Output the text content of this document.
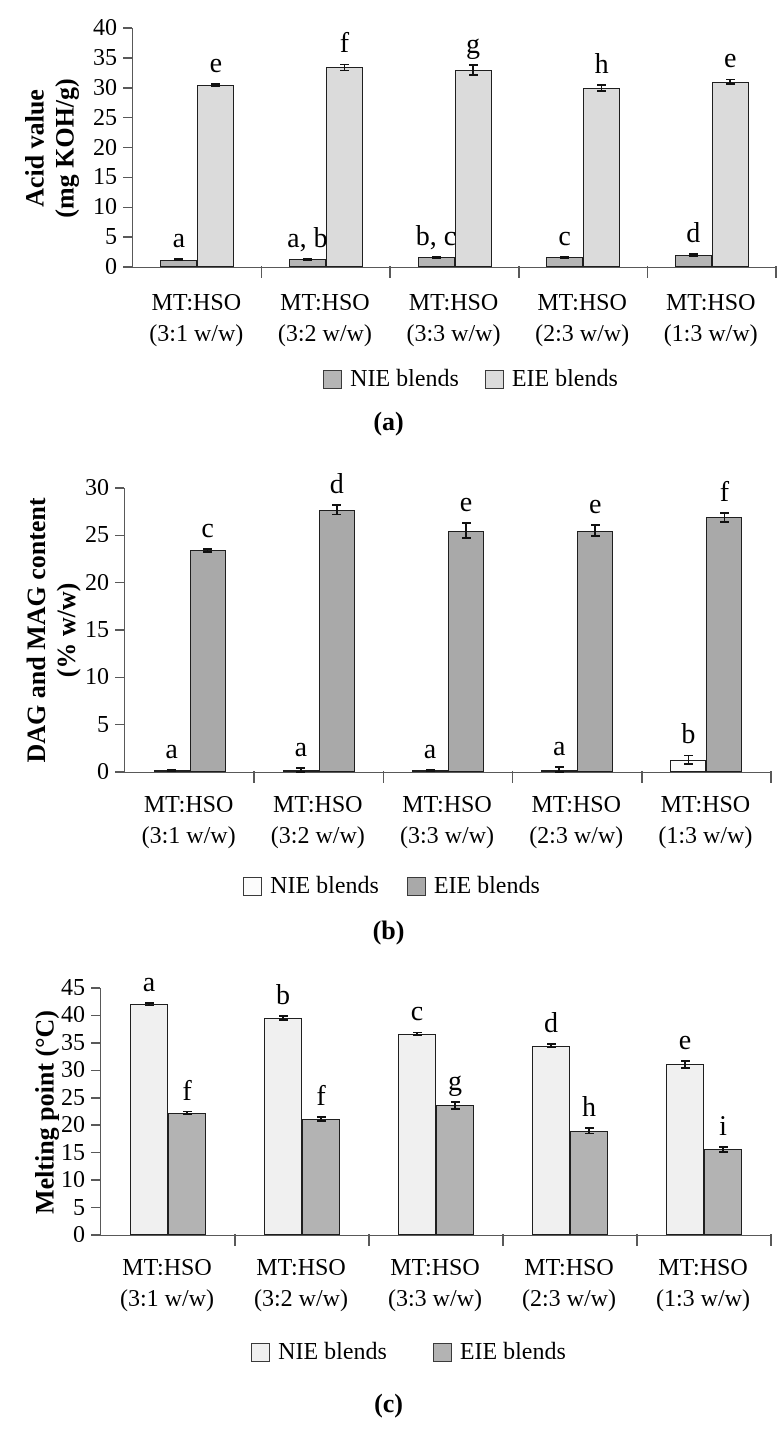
Acid value (mg KOH/g)
0
5
10
15
20
25
30
35
40
a	a, b	b, c	c	d
e
f	g
h	e
MT:HSO
(3:1 w/w)
MT:HSO
(3:2 w/w)
MT:HSO
(3:3 w/w)
MT:HSO
(2:3 w/w)
MT:HSO
(1:3 w/w)
NIE blends EIE blends
(a)
DAG and MAG content (% w/w)
0
5
10
15
20
25
30
a	a	a	a	b
c
d
e	e	f
MT:HSO
(3:1 w/w)
MT:HSO
(3:2 w/w)
MT:HSO
(3:3 w/w)
MT:HSO
(2:3 w/w)
MT:HSO
(1:3 w/w)
NIE blends EIE blends
(b)
Melting point (°C)
0
5
10
15
20
25
30
35
40
45	a	b
c	d
e
f	f	g
h
i
MT:HSO
(3:1 w/w)
MT:HSO
(3:2 w/w)
MT:HSO
(3:3 w/w)
MT:HSO
(2:3 w/w)
MT:HSO
(1:3 w/w)
NIE blends	EIE blends
(c)
